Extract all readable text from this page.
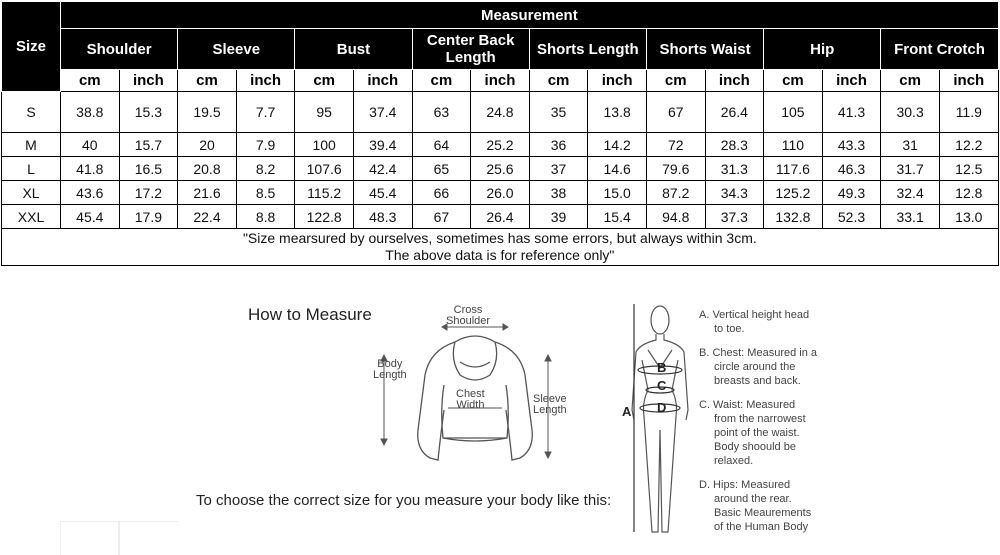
Size	Measurement															
	Shoulder		Sleeve		Bust		Center Back Length		Shorts Length		Shorts Waist		Hip		Front Crotch	
	cm	inch	cm	inch	cm	inch	cm	inch	cm	inch	cm	inch	cm	inch	cm	inch
S	38.8	15.3	19.5	7.7	95	37.4	63	24.8	35	13.8	67	26.4	105	41.3	30.3	11.9
M	40	15.7	20	7.9	100	39.4	64	25.2	36	14.2	72	28.3	110	43.3	31	12.2
L	41.8	16.5	20.8	8.2	107.6	42.4	65	25.6	37	14.6	79.6	31.3	117.6	46.3	31.7	12.5
XL	43.6	17.2	21.6	8.5	115.2	45.4	66	26.0	38	15.0	87.2	34.3	125.2	49.3	32.4	12.8
XXL	45.4	17.9	22.4	8.8	122.8	48.3	67	26.4	39	15.4	94.8	37.3	132.8	52.3	33.1	13.0

"Size mearsured by ourselves, sometimes has some errors, but always within 3cm.
The above data is for reference only"																
How to Measure	Cross
Shoulder
Body
Length
Chest
Width	Sleeve
Length
To choose the correct size for you measure your body like this:
B
C
D
A
A. Vertical height head
to toe.
B. Chest: Measured in a
circle around the
breasts and back.
C. Waist: Measured
from the narrowest
point of the waist.
Body shoould be
relaxed.
D. Hips: Measured
around the rear.
Basic Meaurements
of the Human Body
